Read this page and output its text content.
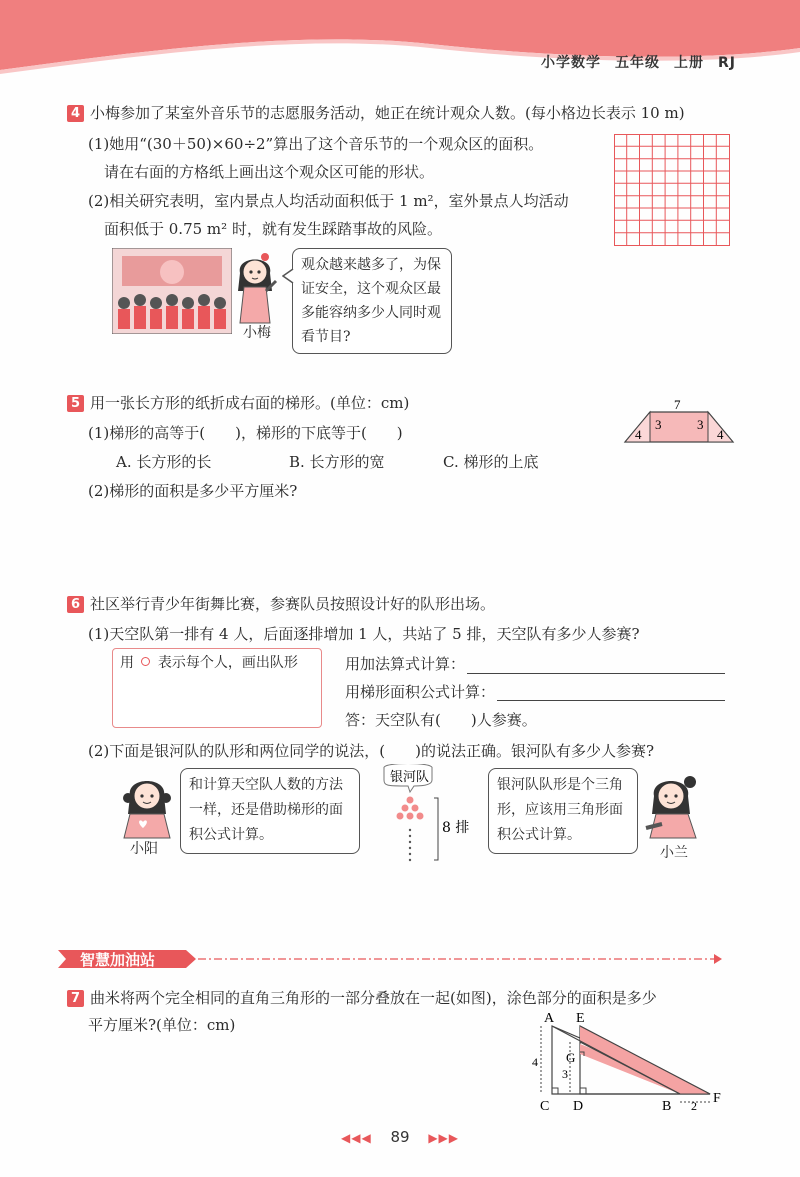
小学数学 五年级 上册 RJ
4 小梅参加了某室外音乐节的志愿服务活动，她正在统计观众人数。(每小格边长表示 10 m)
(1)她用“(30＋50)×60÷2”算出了这个音乐节的一个观众区的面积。
请在右面的方格纸上画出这个观众区可能的形状。
(2)相关研究表明，室内景点人均活动面积低于 1 m²，室外景点人均活动
面积低于 0.75 m² 时，就有发生踩踏事故的风险。
小梅
观众越来越多了，为保证安全，这个观众区最多能容纳多少人同时观看节目?
5 用一张长方形的纸折成右面的梯形。(单位：cm)
(1)梯形的高等于(　　)，梯形的下底等于(　　)
A. 长方形的长	B. 长方形的宽	C. 梯形的上底
(2)梯形的面积是多少平方厘米?
7
4
3	3
4
6 社区举行青少年街舞比赛，参赛队员按照设计好的队形出场。
(1)天空队第一排有 4 人，后面逐排增加 1 人，共站了 5 排，天空队有多少人参赛?
用 表示每个人，画出队形	用加法算式计算：
用梯形面积公式计算：
答：天空队有(　　)人参赛。
(2)下面是银河队的队形和两位同学的说法，(　　)的说法正确。银河队有多少人参赛?
小阳
和计算天空队人数的方法一样，还是借助梯形的面积公式计算。
银河队
8 排
银河队队形是个三角形，应该用三角形面积公式计算。
小兰
智慧加油站
7 曲米将两个完全相同的直角三角形的一部分叠放在一起(如图)，涂色部分的面积是多少
平方厘米?(单位：cm)	A E
G
C D	B
F
4
3
2
◀◀◀ 89 ▶▶▶
